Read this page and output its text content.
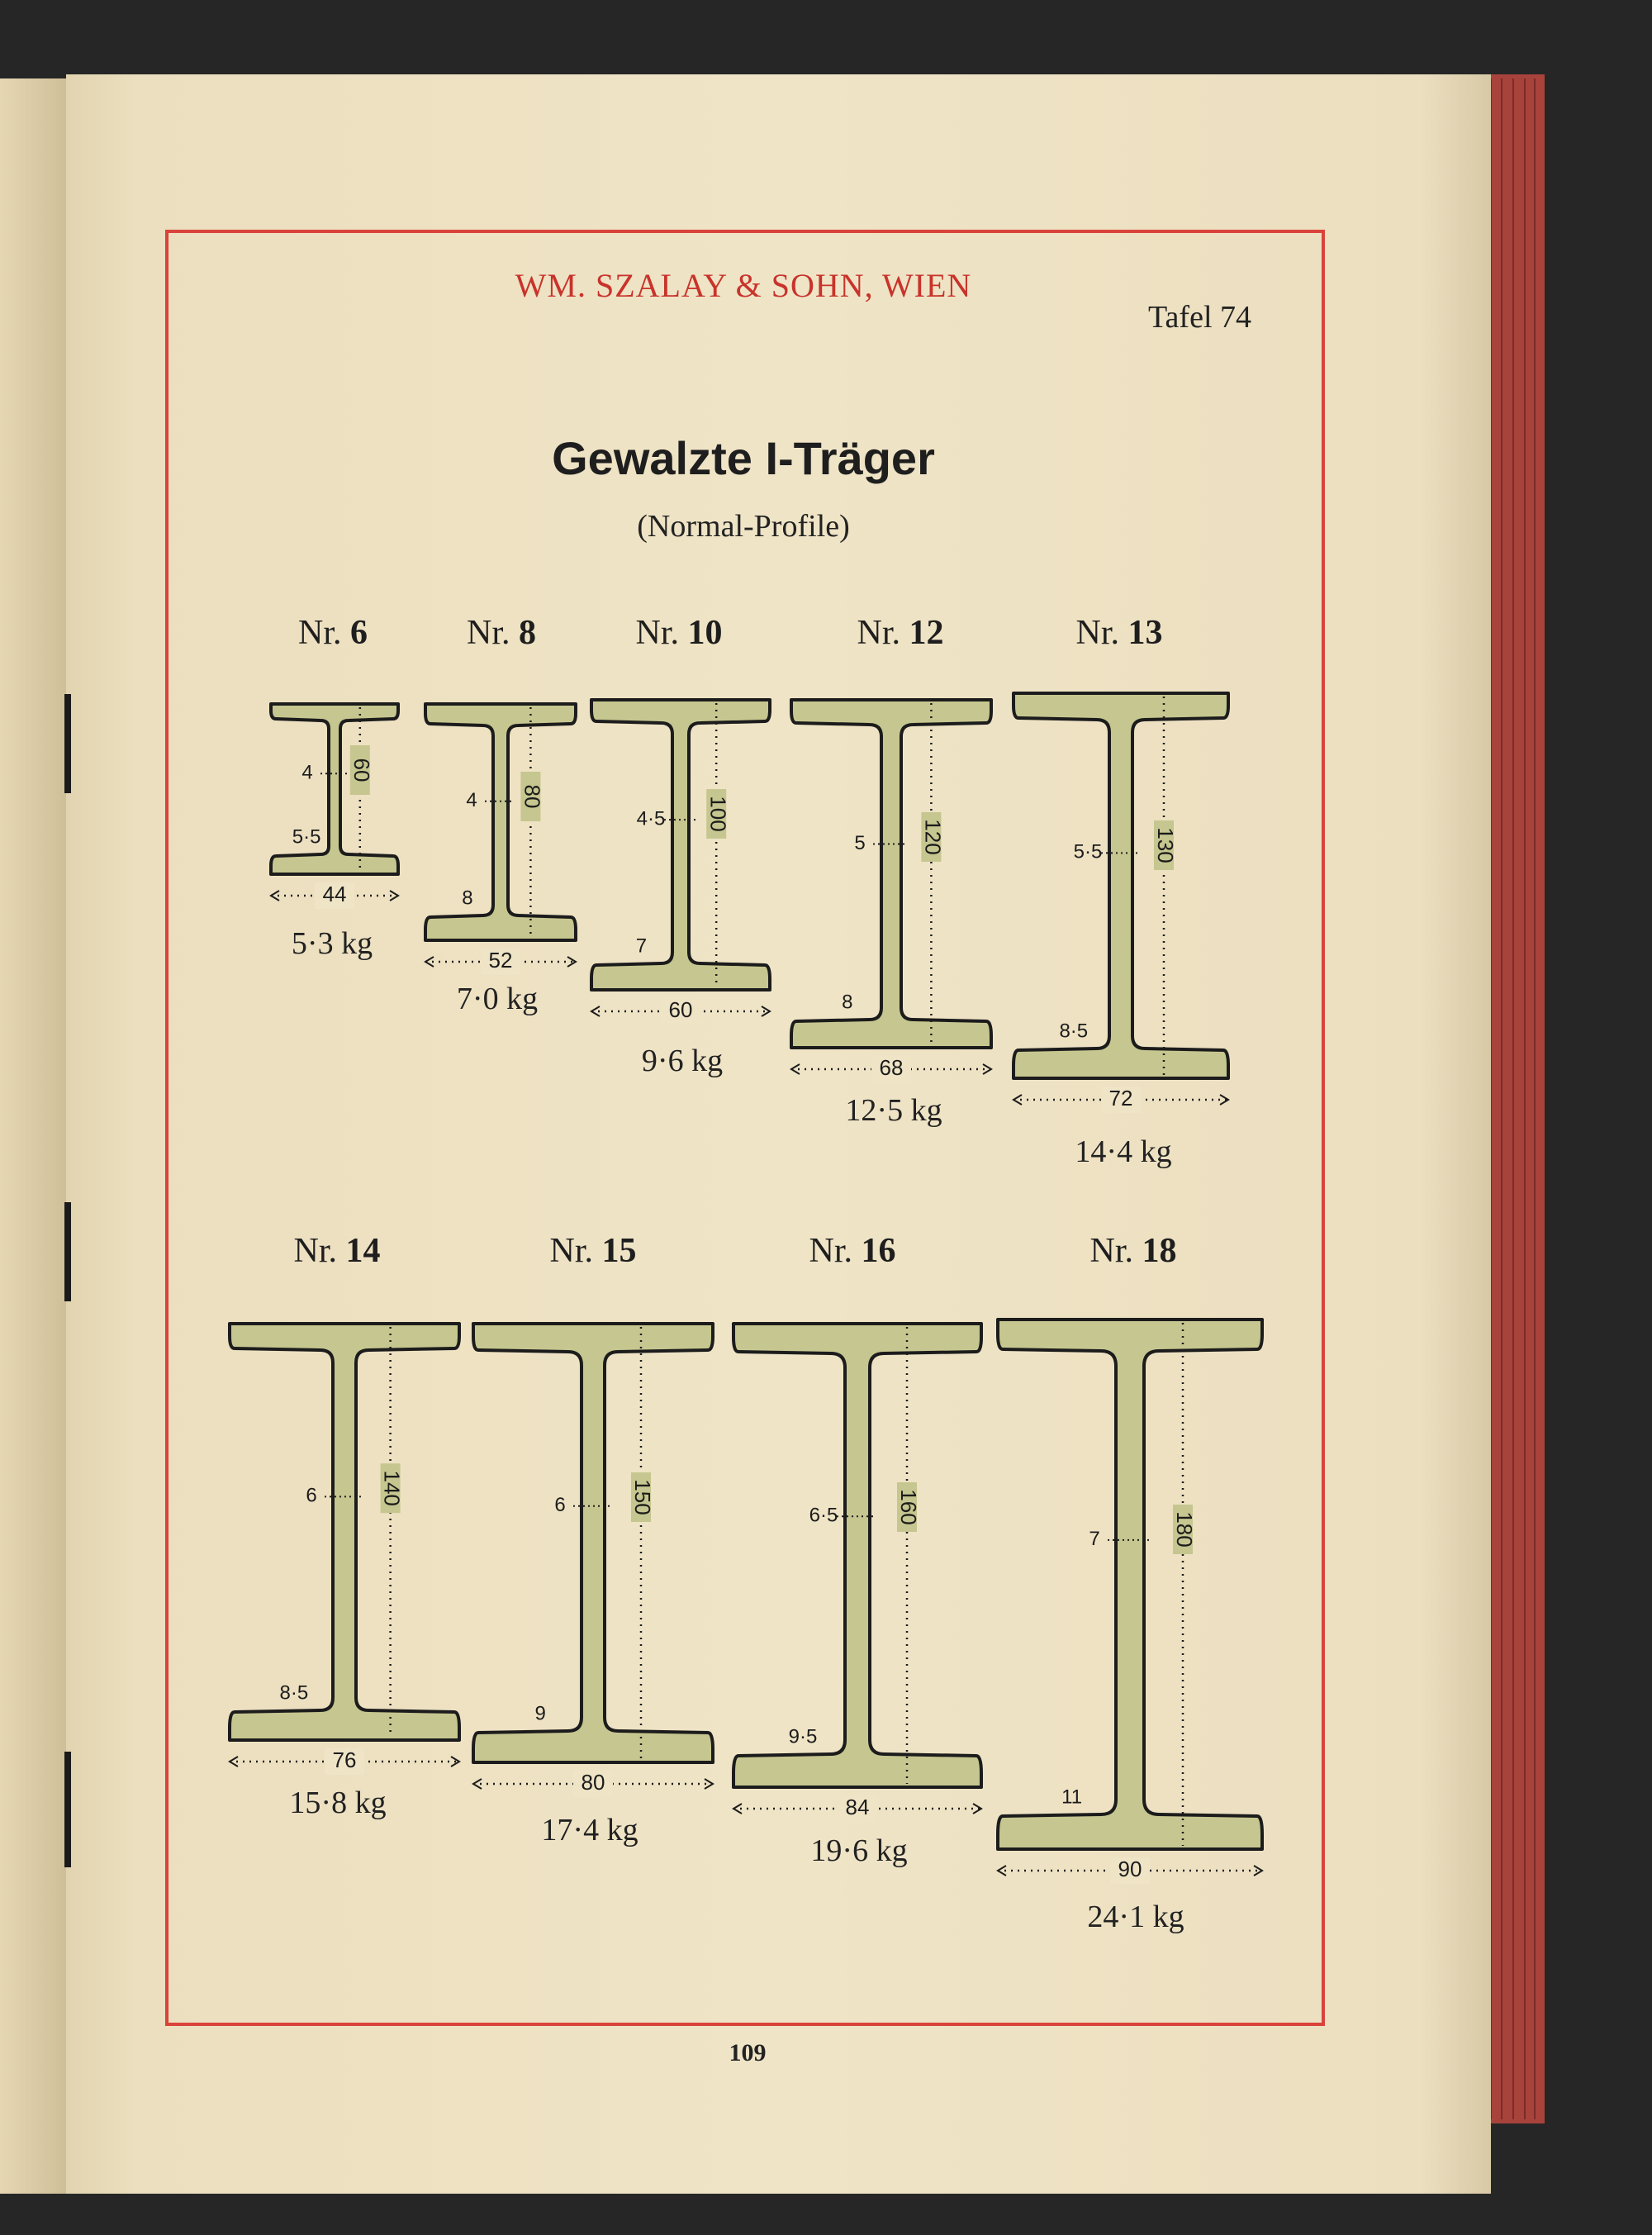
60
4
5·5
44
80
4
8
52
100
4·5
7
60
120
5
8
68
130
5·5
8·5
72
140
6
8·5
76
150
6
9
80
160
6·5
9·5
84
180
7
11
90
WM. SZALAY & SOHN, WIEN
Tafel 74
Gewalzte I-Träger
(Normal-Profile)
Nr. 6	Nr. 8	Nr. 10	Nr. 12	Nr. 13
Nr. 14	Nr. 15	Nr. 16	Nr. 18
5·3 kg
7·0 kg
9·6 kg
12·5 kg
14·4 kg
15·8 kg
17·4 kg
19·6 kg
24·1 kg
109
